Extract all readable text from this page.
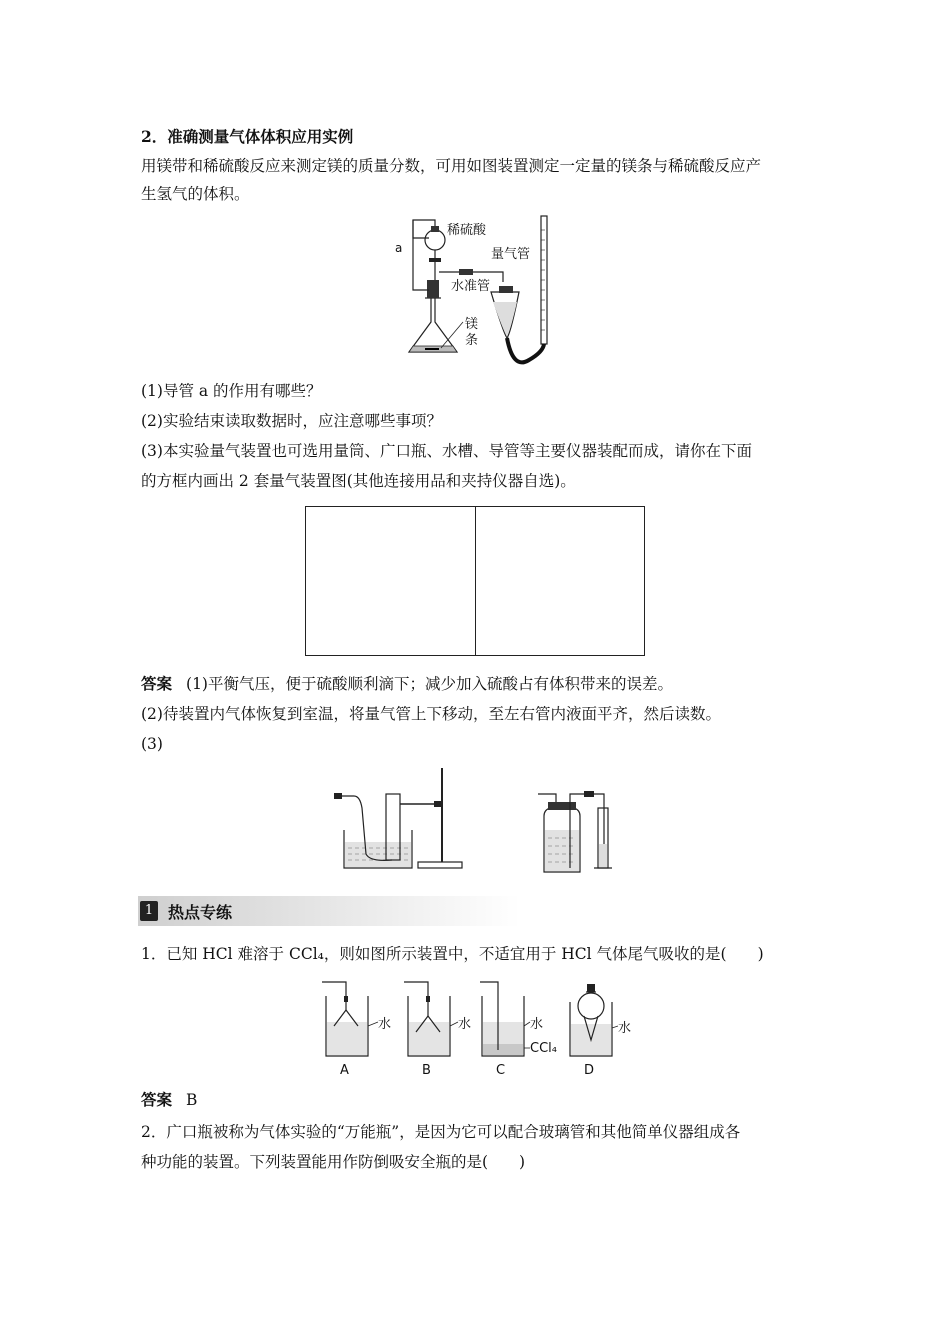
2．准确测量气体体积应用实例
用镁带和稀硫酸反应来测定镁的质量分数，可用如图装置测定一定量的镁条与稀硫酸反应产
生氢气的体积。
a
稀硫酸
量气管
水准管
镁
条
(1)导管 a 的作用有哪些？
(2)实验结束读取数据时，应注意哪些事项？
(3)本实验量气装置也可选用量筒、广口瓶、水槽、导管等主要仪器装配而成，请你在下面
的方框内画出 2 套量气装置图(其他连接用品和夹持仪器自选)。
答案 (1)平衡气压，便于硫酸顺利滴下；减少加入硫酸占有体积带来的误差。
(2)待装置内气体恢复到室温，将量气管上下移动，至左右管内液面平齐，然后读数。
(3)
1 热点专练
1．已知 HCl 难溶于 CCl₄，则如图所示装置中，不适宜用于 HCl 气体尾气吸收的是(　　)
水
A
水
B
水
CCl₄
C
水
D
答案 B
2．广口瓶被称为气体实验的“万能瓶”，是因为它可以配合玻璃管和其他简单仪器组成各
种功能的装置。下列装置能用作防倒吸安全瓶的是(　　)
